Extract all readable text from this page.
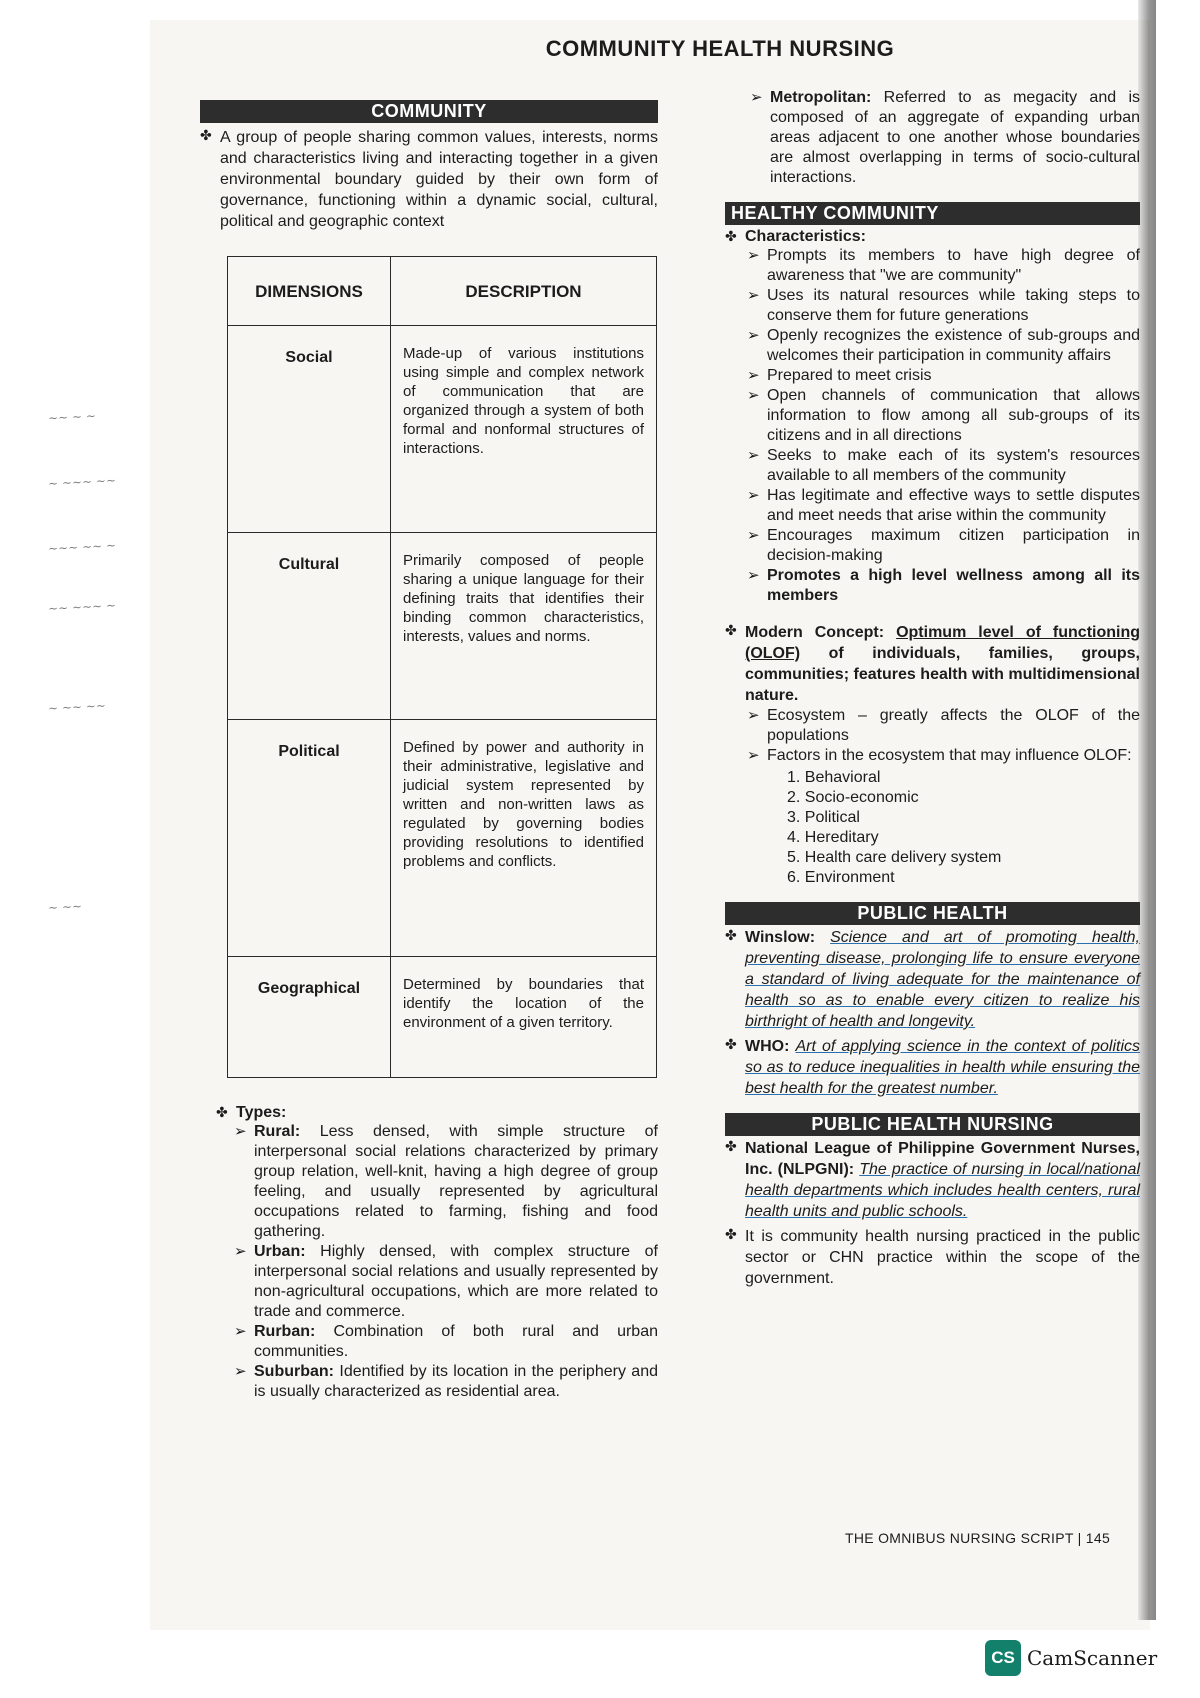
COMMUNITY HEALTH NURSING
~~ ~ ~
~ ~~~ ~~
~~~ ~~ ~
~~ ~~~ ~
~ ~~ ~~
~ ~~
COMMUNITY
✤ A group of people sharing common values, interests, norms and characteristics living and interacting together in a given environmental boundary guided by their own form of governance, functioning within a dynamic social, cultural, political and geographic context

DIMENSIONS	DESCRIPTION
Social	Made-up of various institutions using simple and complex network of communication that are organized through a system of both formal and nonformal structures of interactions.
Cultural	Primarily composed of people sharing a unique language for their defining traits that identifies their binding common characteristics, interests, values and norms.
Political	Defined by power and authority in their administrative, legislative and judicial system represented by written and non-written laws as regulated by governing bodies providing resolutions to identified problems and conflicts.
Geographical	Determined by boundaries that identify the location of the environment of a given territory.
✤ Types:
➢ Rural: Less densed, with simple structure of interpersonal social relations characterized by primary group relation, well-knit, having a high degree of group feeling, and usually represented by agricultural occupations related to farming, fishing and food gathering.
➢ Urban: Highly densed, with complex structure of interpersonal social relations and usually represented by non-agricultural occupations, which are more related to trade and commerce.
➢ Rurban: Combination of both rural and urban communities.
➢ Suburban: Identified by its location in the periphery and is usually characterized as residential area.
➢ Metropolitan: Referred to as megacity and is composed of an aggregate of expanding urban areas adjacent to one another whose boundaries are almost overlapping in terms of socio-cultural interactions.
HEALTHY COMMUNITY
✤ Characteristics:
➢ Prompts its members to have high degree of awareness that "we are community"
➢ Uses its natural resources while taking steps to conserve them for future generations
➢ Openly recognizes the existence of sub-groups and welcomes their participation in community affairs
➢ Prepared to meet crisis
➢ Open channels of communication that allows information to flow among all sub-groups of its citizens and in all directions
➢ Seeks to make each of its system's resources available to all members of the community
➢ Has legitimate and effective ways to settle disputes and meet needs that arise within the community
➢ Encourages maximum citizen participation in decision-making
➢ Promotes a high level wellness among all its members
✤ Modern Concept: Optimum level of functioning (OLOF) of individuals, families, groups, communities; features health with multidimensional nature.

➢ Ecosystem – greatly affects the OLOF of the populations
➢ Factors in the ecosystem that may influence OLOF:
1. Behavioral
2. Socio-economic
3. Political
4. Hereditary
5. Health care delivery system
6. Environment
PUBLIC HEALTH
✤ Winslow: Science and art of promoting health, preventing disease, prolonging life to ensure everyone a standard of living adequate for the maintenance of health so as to enable every citizen to realize his birthright of health and longevity.

✤ WHO: Art of applying science in the context of politics so as to reduce inequalities in health while ensuring the best health for the greatest number.

PUBLIC HEALTH NURSING
✤ National League of Philippine Government Nurses, Inc. (NLPGNI): The practice of nursing in local/national health departments which includes health centers, rural health units and public schools.

✤ It is community health nursing practiced in the public sector or CHN practice within the scope of the government.

THE OMNIBUS NURSING SCRIPT | 145
CS CamScanner
